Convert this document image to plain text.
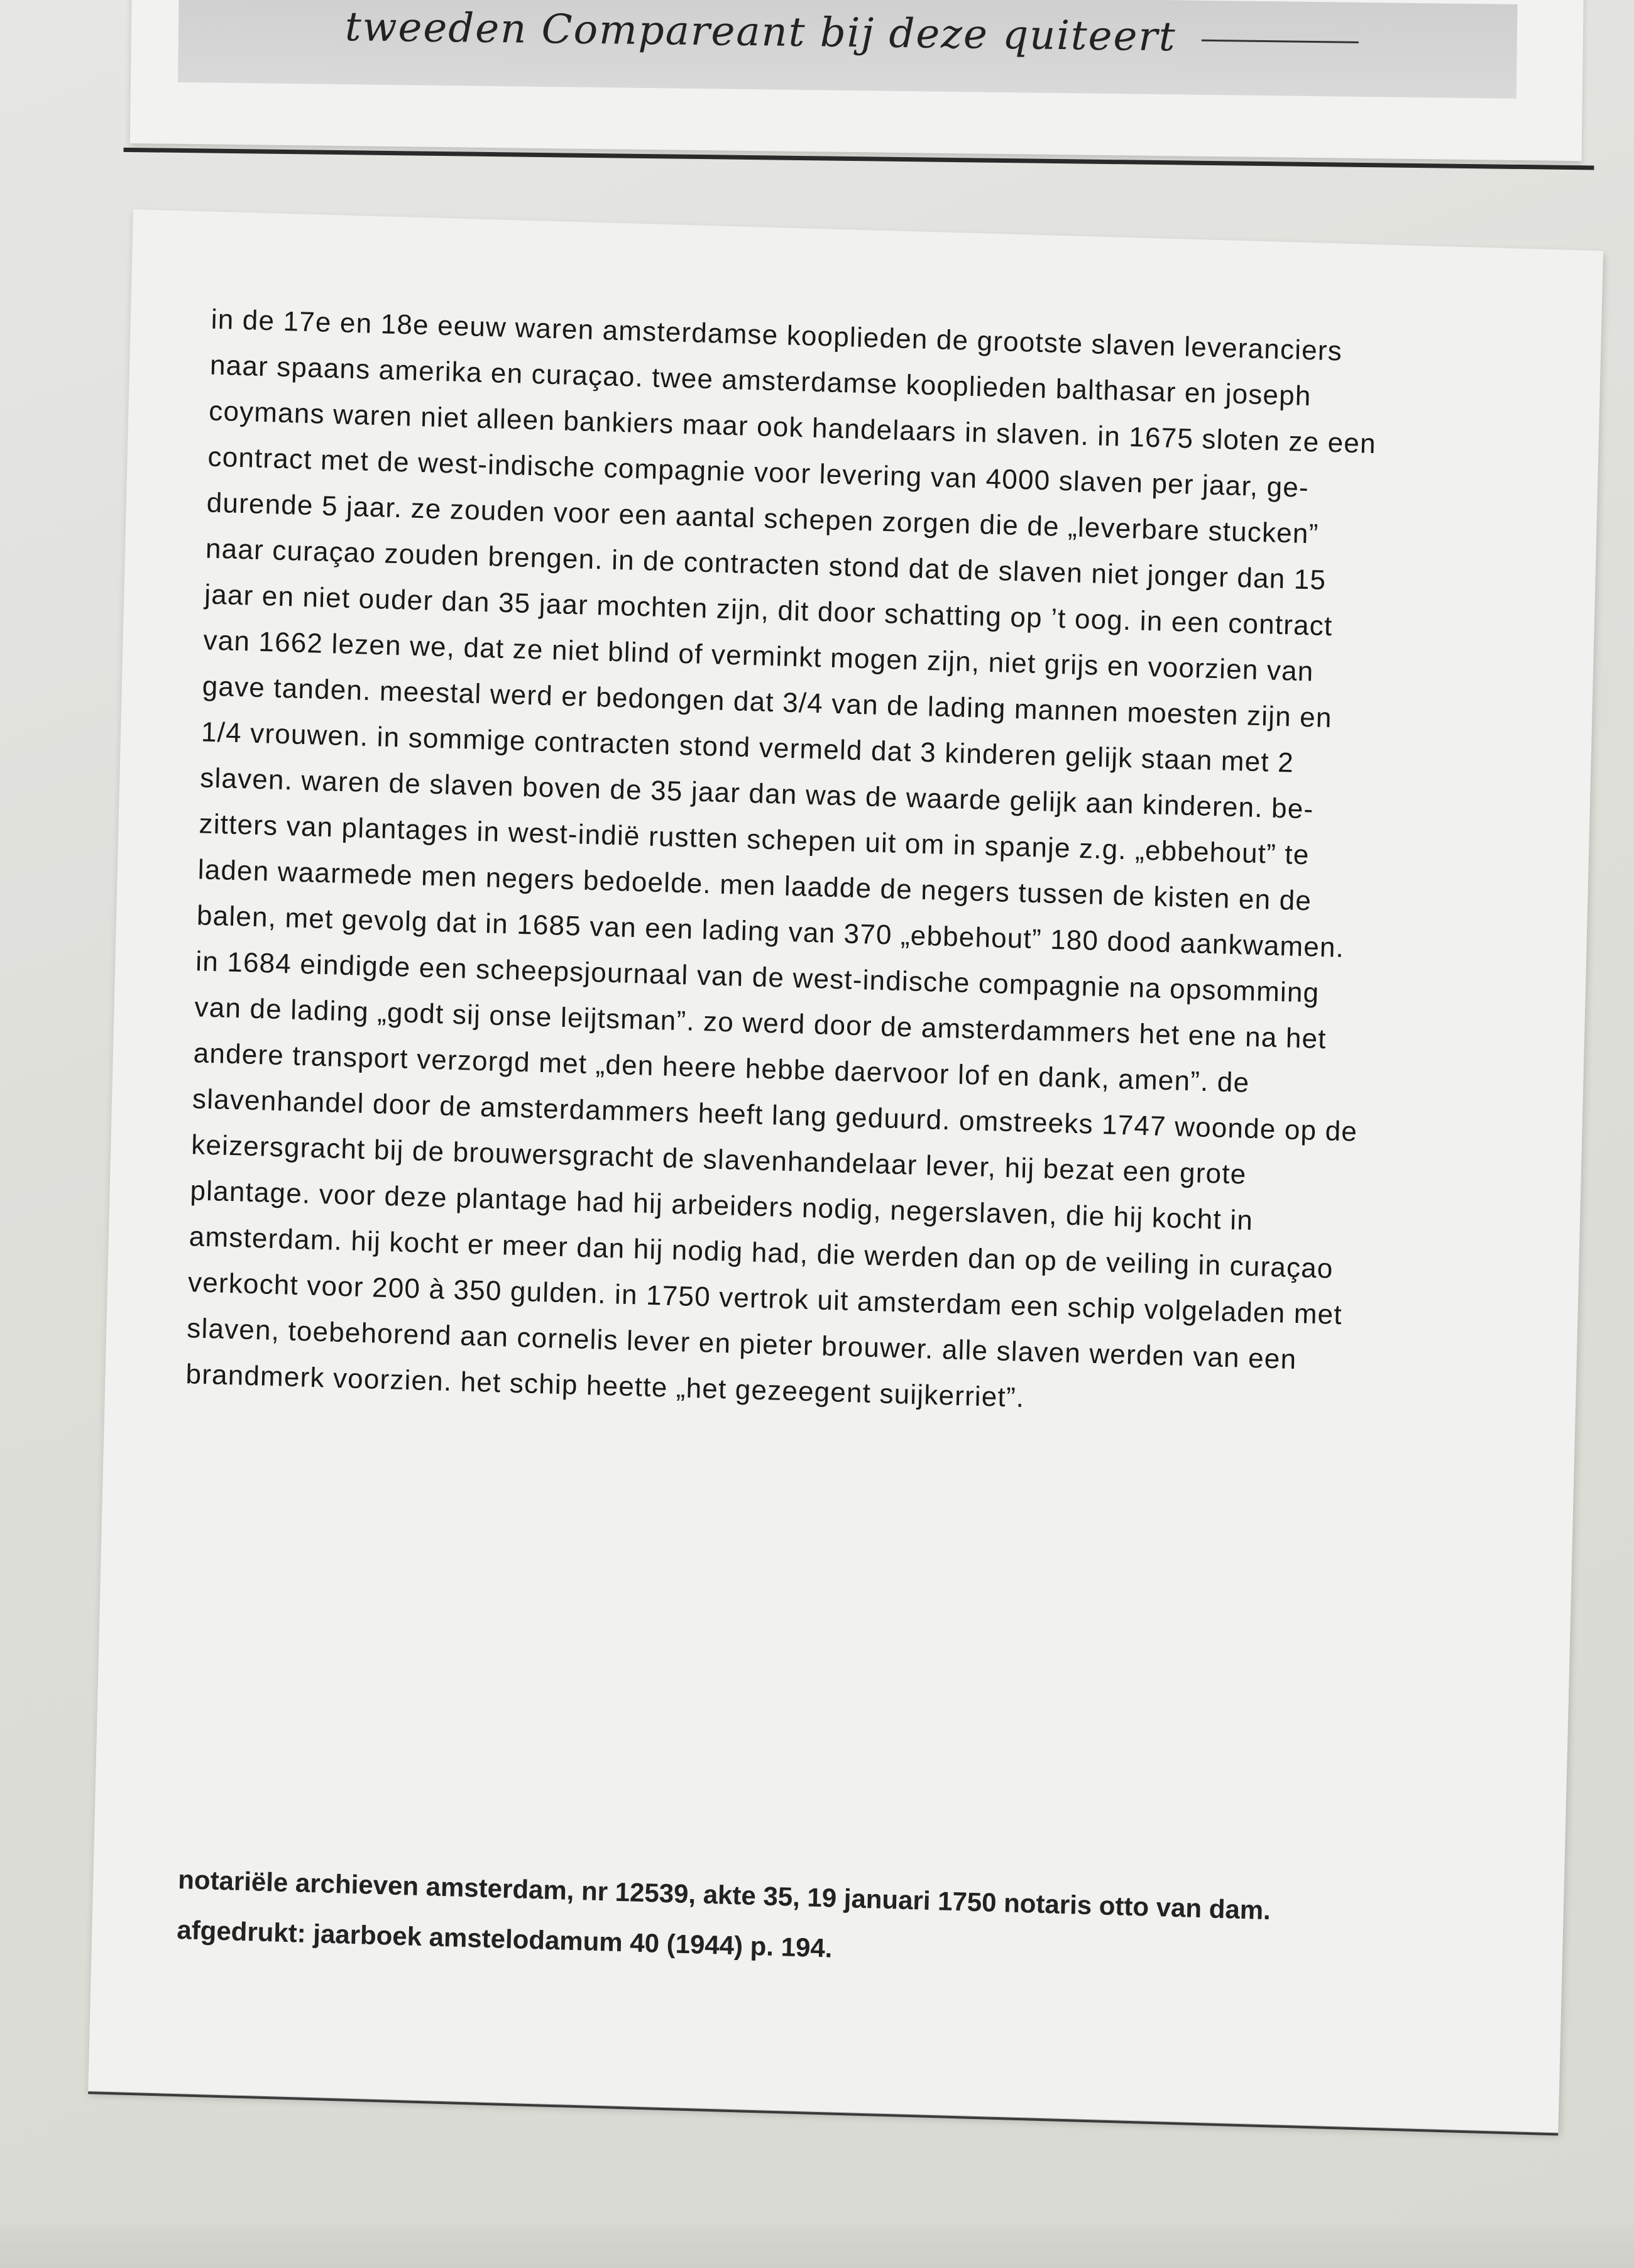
tweeden Compareant bij deze quiteert
in de 17e en 18e eeuw waren amsterdamse kooplieden de grootste slaven leveranciers
naar spaans amerika en curaçao. twee amsterdamse kooplieden balthasar en joseph
coymans waren niet alleen bankiers maar ook handelaars in slaven. in 1675 sloten ze een
contract met de west-indische compagnie voor levering van 4000 slaven per jaar, ge-
durende 5 jaar. ze zouden voor een aantal schepen zorgen die de „leverbare stucken”
naar curaçao zouden brengen. in de contracten stond dat de slaven niet jonger dan 15
jaar en niet ouder dan 35 jaar mochten zijn, dit door schatting op ’t oog. in een contract
van 1662 lezen we, dat ze niet blind of verminkt mogen zijn, niet grijs en voorzien van
gave tanden. meestal werd er bedongen dat 3/4 van de lading mannen moesten zijn en
1/4 vrouwen. in sommige contracten stond vermeld dat 3 kinderen gelijk staan met 2
slaven. waren de slaven boven de 35 jaar dan was de waarde gelijk aan kinderen. be-
zitters van plantages in west-indië rustten schepen uit om in spanje z.g. „ebbehout” te
laden waarmede men negers bedoelde. men laadde de negers tussen de kisten en de
balen, met gevolg dat in 1685 van een lading van 370 „ebbehout” 180 dood aankwamen.
in 1684 eindigde een scheepsjournaal van de west-indische compagnie na opsomming
van de lading „godt sij onse leijtsman”. zo werd door de amsterdammers het ene na het
andere transport verzorgd met „den heere hebbe daervoor lof en dank, amen”. de
slavenhandel door de amsterdammers heeft lang geduurd. omstreeks 1747 woonde op de
keizersgracht bij de brouwersgracht de slavenhandelaar lever, hij bezat een grote
plantage. voor deze plantage had hij arbeiders nodig, negerslaven, die hij kocht in
amsterdam. hij kocht er meer dan hij nodig had, die werden dan op de veiling in curaçao
verkocht voor 200 à 350 gulden. in 1750 vertrok uit amsterdam een schip volgeladen met
slaven, toebehorend aan cornelis lever en pieter brouwer. alle slaven werden van een
brandmerk voorzien. het schip heette „het gezeegent suijkerriet”.
notariële archieven amsterdam, nr 12539, akte 35, 19 januari 1750 notaris otto van dam.
afgedrukt: jaarboek amstelodamum 40 (1944) p. 194.
